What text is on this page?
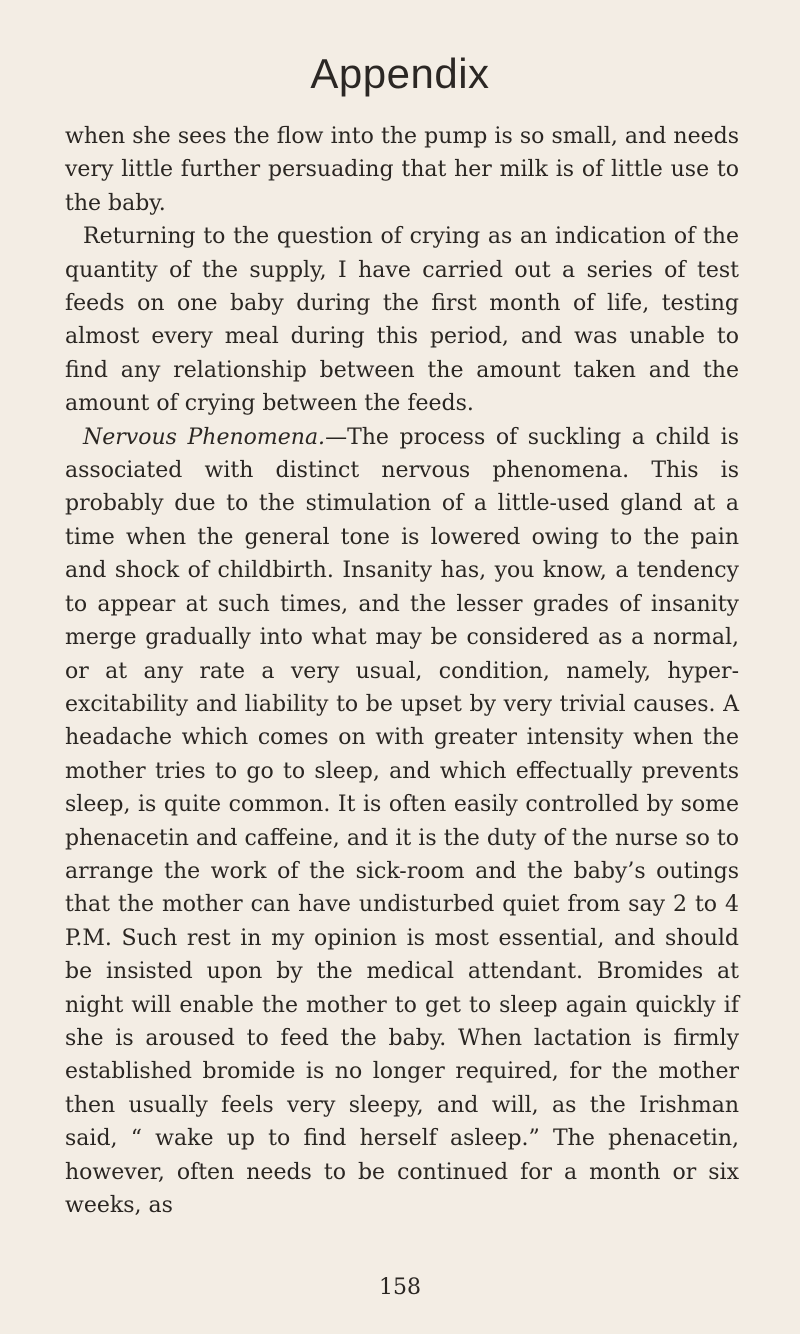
Appendix

when she sees the flow into the pump is so small, and needs very little further persuading that her milk is of little use to the baby.

Returning to the question of crying as an indication of the quantity of the supply, I have carried out a series of test feeds on one baby during the first month of life, testing almost every meal during this period, and was unable to find any relationship between the amount taken and the amount of crying between the feeds.

Nervous Phenomena.—The process of suckling a child is associated with distinct nervous phenomena. This is probably due to the stimulation of a little-used gland at a time when the general tone is lowered owing to the pain and shock of childbirth. Insanity has, you know, a tendency to appear at such times, and the lesser grades of insanity merge gradually into what may be considered as a normal, or at any rate a very usual, condition, namely, hyper-excitability and liability to be upset by very trivial causes. A headache which comes on with greater intensity when the mother tries to go to sleep, and which effectually prevents sleep, is quite common. It is often easily controlled by some phenacetin and caffeine, and it is the duty of the nurse so to arrange the work of the sick-room and the baby’s outings that the mother can have undisturbed quiet from say 2 to 4 P.M. Such rest in my opinion is most essential, and should be insisted upon by the medical attendant. Bromides at night will enable the mother to get to sleep again quickly if she is aroused to feed the baby. When lactation is firmly established bromide is no longer required, for the mother then usually feels very sleepy, and will, as the Irishman said, “ wake up to find herself asleep.” The phenacetin, however, often needs to be continued for a month or six weeks, as

158
